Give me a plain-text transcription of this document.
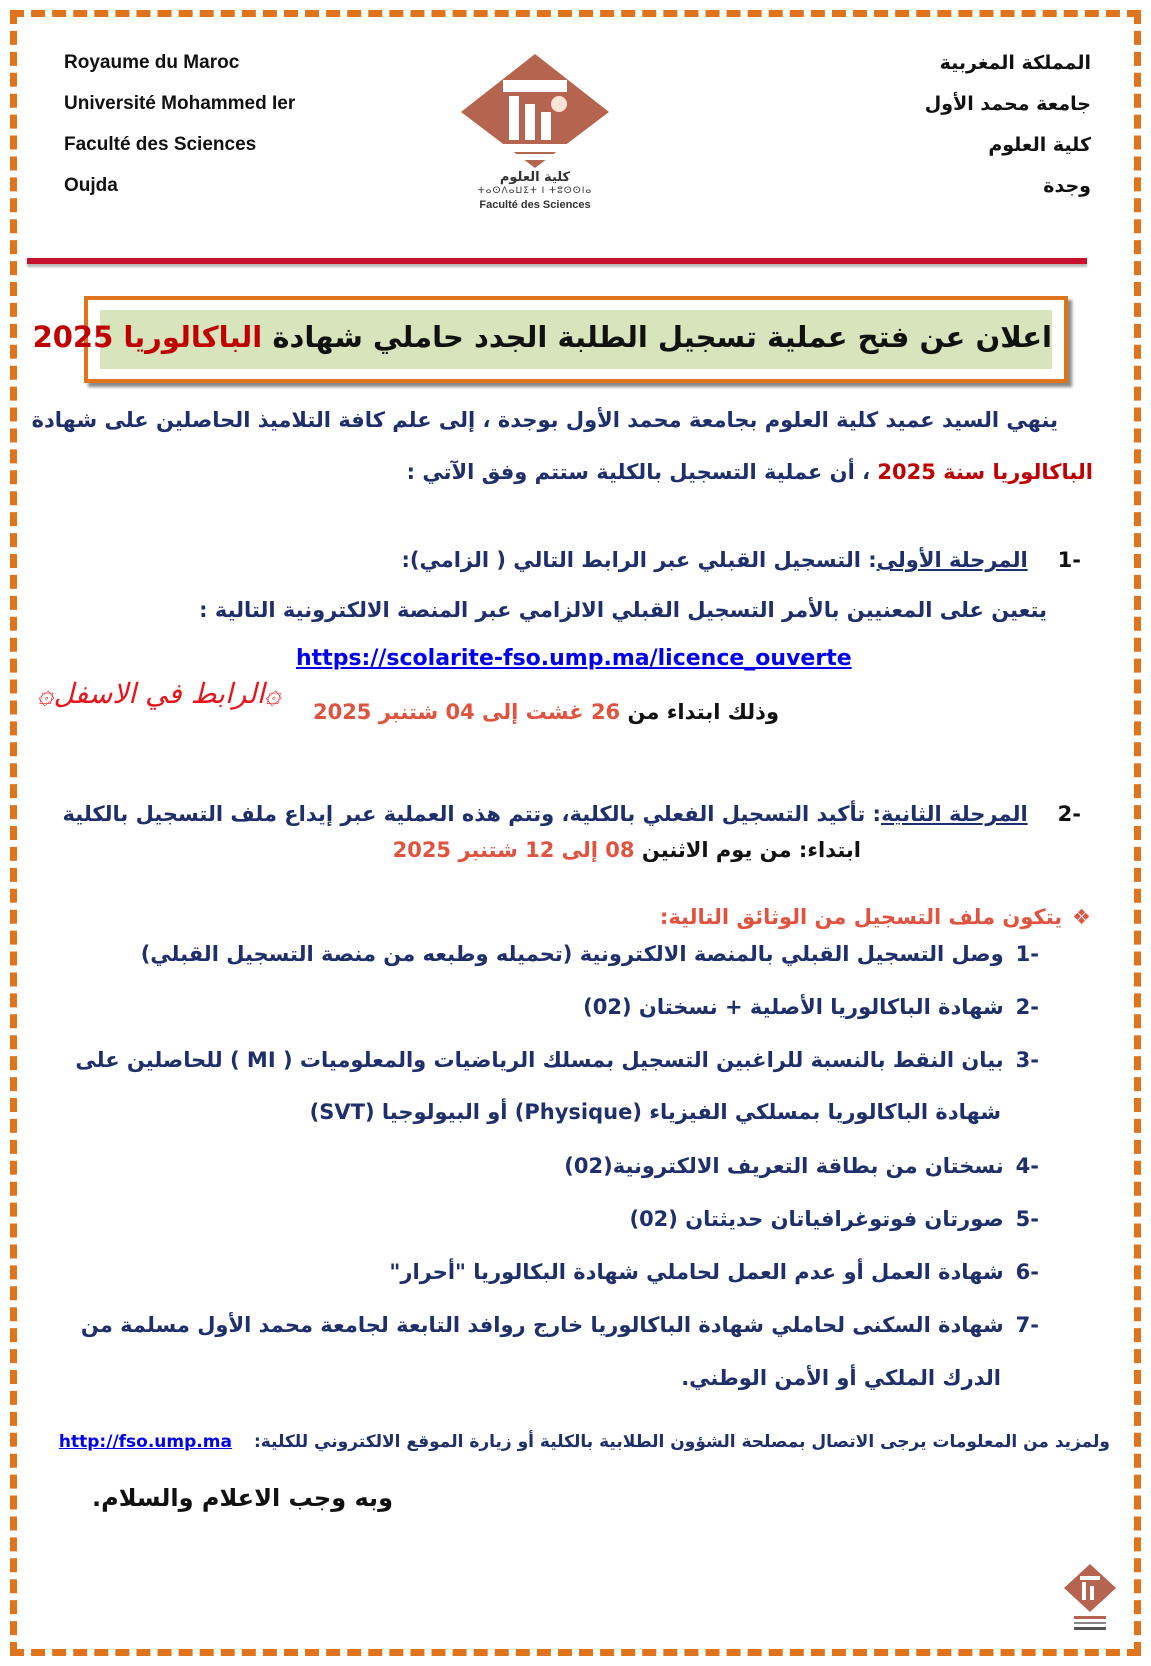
Royaume du Maroc
Université Mohammed Ier
Faculté des Sciences
Oujda	كلية العلوم
ⵜⴰⵙⴷⴰⵡⵉⵜ ⵏ ⵜⵓⵙⵙⵏⴰ
Faculté des Sciences
المملكة المغربية
جامعة محمد الأول
كلية العلوم
وجدة
اعلان عن فتح عملية تسجيل الطلبة الجدد حاملي شهادة الباكالوريا 2025
ينهي السيد عميد كلية العلوم بجامعة محمد الأول بوجدة ، إلى علم كافة التلاميذ الحاصلين على شهادة
الباكالوريا سنة 2025 ، أن عملية التسجيل بالكلية ستتم وفق الآتي :
-1المرحلة الأولى: التسجيل القبلي عبر الرابط التالي ( الزامي):
يتعين على المعنيين بالأمر التسجيل القبلي الالزامي عبر المنصة الالكترونية التالية :
https://scolarite-fso.ump.ma/licence_ouverte
۞الرابط في الاسفل۞
وذلك ابتداء من 26 غشت إلى 04 شتنبر 2025
-2المرحلة الثانية: تأكيد التسجيل الفعلي بالكلية، وتتم هذه العملية عبر إيداع ملف التسجيل بالكلية
ابتداء: من يوم الاثنين 08 إلى 12 شتنبر 2025
❖يتكون ملف التسجيل من الوثائق التالية:
-1وصل التسجيل القبلي بالمنصة الالكترونية (تحميله وطبعه من منصة التسجيل القبلي)
-2شهادة الباكالوريا الأصلية + نسختان (02)
-3بيان النقط بالنسبة للراغبين التسجيل بمسلك الرياضيات والمعلوميات ( MI ) للحاصلين على
شهادة الباكالوريا بمسلكي الفيزياء (Physique) أو البيولوجيا (SVT)
-4نسختان من بطاقة التعريف الالكترونية(02)
-5صورتان فوتوغرافياتان حديثتان (02)
-6شهادة العمل أو عدم العمل لحاملي شهادة البكالوريا "أحرار"
-7شهادة السكنى لحاملي شهادة الباكالوريا خارج روافد التابعة لجامعة محمد الأول مسلمة من
الدرك الملكي أو الأمن الوطني.
ولمزيد من المعلومات يرجى الاتصال بمصلحة الشؤون الطلابية بالكلية أو زيارة الموقع الالكتروني للكلية:http://fso.ump.ma
وبه وجب الاعلام والسلام.
